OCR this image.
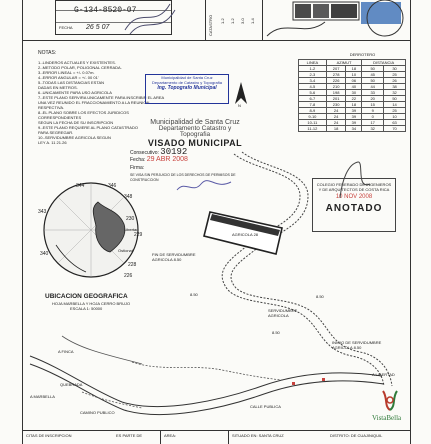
G-134-8520-07
FECHA 26 5 07	CATASTRO 1-2 1-2 3-0 1-4

NOTAS:

1.-LINDEROS ACTUALES Y EXISTENTES.

2.-METODO POLAR, POLIGONAL CERRADA.

3.-ERROR LINEAL = +/- 0.07m.

4.-ERROR ANGULAR = +/- 00 01'

5.-TODAS LAS DISTANCIAS ESTAN

DADAS EN METROS.

6.-UNICAMENTE PARA USO AGRICOLA

7.-ESTE PLANO SERVIRA UNICAMENTE PARA INSCRIBIR EL AREA

UNA VEZ REUNIDO EL FRACCIONAMIENTO A LA REUNION RESPECTIVA.

8.-EL PLANO SOBRE LOS EFECTOS JURIDICOS CORRESPONDIENTES

SEGUN LA FECHA DE SU INSCRIPCION

9.-ESTE PLANO REQUIERE AL PLANO CATASTRADO

PARA SEGREGAR.

10.-SERVIDUMBRE AGRICOLA SEGUN

LEY A. 11 21.26

Municipalidad de Santa Cruz
Departamento de Catastro y Topografia
Ing. Topografo Municipal
N
Municipalidad de Santa Cruz
Departamento Catastro y
Topografia
VISADO MUNICIPAL
Consecutivo: 30192
Fecha: 29 ABR 2008
Firma:
SE VISA SIN PERJUICIO DE LOS DERECHOS DE PERMISOS DE CONSTRUCCION
COLEGIO FEDERADO DE INGENIEROS
Y DE ARQUITECTOS DE COSTA RICA
10 NOV 2008
ANOTADO
DERROTERO
LINEA	AZIMUT		DISTANCIA	
1-2	207	18	50	30
2-3	278	10	45	25
3-4	226	06	50	26
4-5	210	40	44	38
5-6	198	30	33	32
6-7	201	22	20	50
7-8	230	18	15	14
8-9	24	39	9	25
9-10	24	39	0	10
10-11	24	39	17	63
11-12	18	34	32	70
344	346
348
343
340
230
229
228
226
Libertad
Ostional
UBICACION GEOGRAFICA
HOJA MARBELLA Y HOJA CERRO BRUJO
ESCALA 1: 50000
FIN DE SERVIDUMBRE AGRICOLA 8.50
SERVIDUMBRE AGRICOLA
INICIO DE SERVIDUMBRE AGRICOLA 8.50
8.50
8.50
8.50
AGRICOLA 28
A FINCA
A MARBELLA
A LIBERTAD
QUEBRADA
CAMINO PUBLICO
CALLE PUBLICA
VistaBella
CITAS DE INSCRIPCION	ES PARTE DE	AREA:	SITUADO EN: SANTA CRUZ	DISTRITO: DE CUAJINIQUIL
